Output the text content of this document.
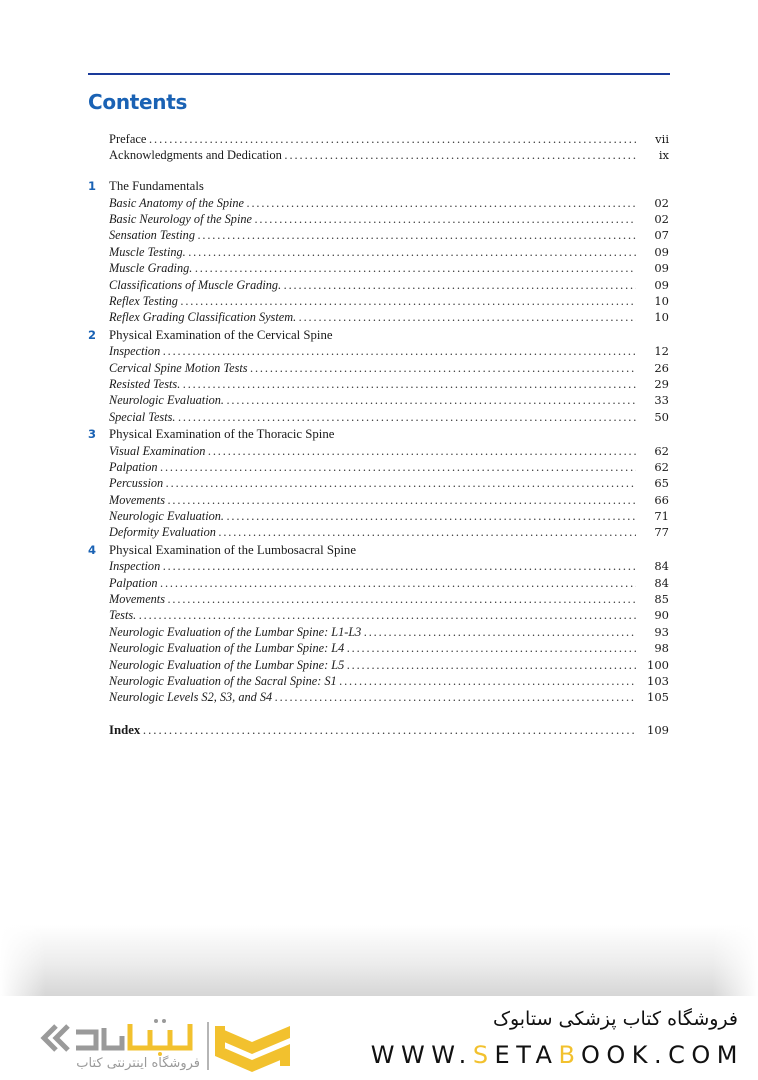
Contents
Preface . . .	vii
Acknowledgments and Dedication . . .	ix
1	The Fundamentals
Basic Anatomy of the Spine . . .	02
Basic Neurology of the Spine . . .	02
Sensation Testing . . .	07
Muscle Testing. . . .	09
Muscle Grading. . . .	09
Classifications of Muscle Grading. . . .	09
Reflex Testing . . .	10
Reflex Grading Classification System. . . .	10
2	Physical Examination of the Cervical Spine
Inspection . . .	12
Cervical Spine Motion Tests . . .	26
Resisted Tests. . . .	29
Neurologic Evaluation. . . .	33
Special Tests. . . .	50
3	Physical Examination of the Thoracic Spine
Visual Examination . . .	62
Palpation . . .	62
Percussion . . .	65
Movements . . .	66
Neurologic Evaluation. . . .	71
Deformity Evaluation . . .	77
4	Physical Examination of the Lumbosacral Spine
Inspection . . .	84
Palpation . . .	84
Movements . . .	85
Tests. . . .	90
Neurologic Evaluation of the Lumbar Spine: L1-L3 . . .	93
Neurologic Evaluation of the Lumbar Spine: L4 . . .	98
Neurologic Evaluation of the Lumbar Spine: L5 . . .	100
Neurologic Evaluation of the Sacral Spine: S1 . . .	103
Neurologic Levels S2, S3, and S4 . . .	105
Index . . .	109
فروشگاه اینترنتی کتاب
فروشگاه کتاب پزشکی ستابوک
WWW.SETABOOK.COM
